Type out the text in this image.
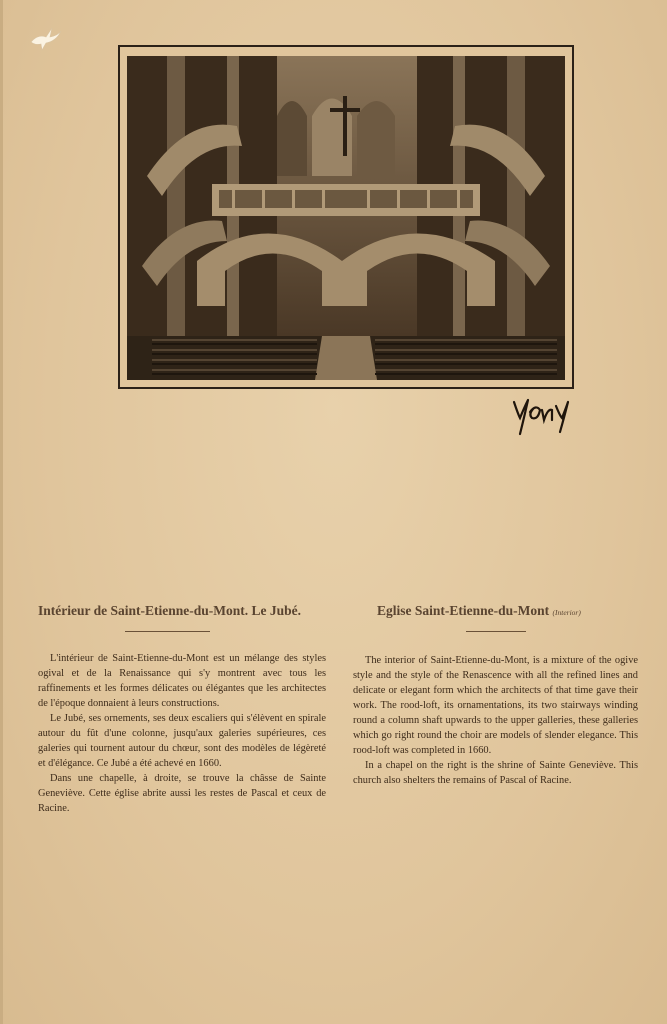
Intérieur de Saint-Etienne-du-Mont. Le Jubé.

L'intérieur de Saint-Etienne-du-Mont est un mélange des styles ogival et de la Renaissance qui s'y montrent avec tous les raffinements et les formes délicates ou élégantes que les architectes de l'époque donnaient à leurs constructions.

Le Jubé, ses ornements, ses deux escaliers qui s'élèvent en spirale autour du fût d'une colonne, jusqu'aux galeries supérieures, ces galeries qui tournent autour du chœur, sont des modèles de légèreté et d'élégance. Ce Jubé a été achevé en 1660.

Dans une chapelle, à droite, se trouve la châsse de Sainte Geneviève. Cette église abrite aussi les restes de Pascal et ceux de Racine.

Eglise Saint-Etienne-du-Mont (Interior)

The interior of Saint-Etienne-du-Mont, is a mixture of the ogive style and the style of the Renascence with all the refined lines and delicate or elegant form which the architects of that time gave their work. The rood-loft, its ornamentations, its two stairways winding round a column shaft upwards to the upper galleries, these galleries which go right round the choir are models of slender elegance. This rood-loft was completed in 1660.

In a chapel on the right is the shrine of Sainte Geneviève. This church also shelters the remains of Pascal of Racine.
